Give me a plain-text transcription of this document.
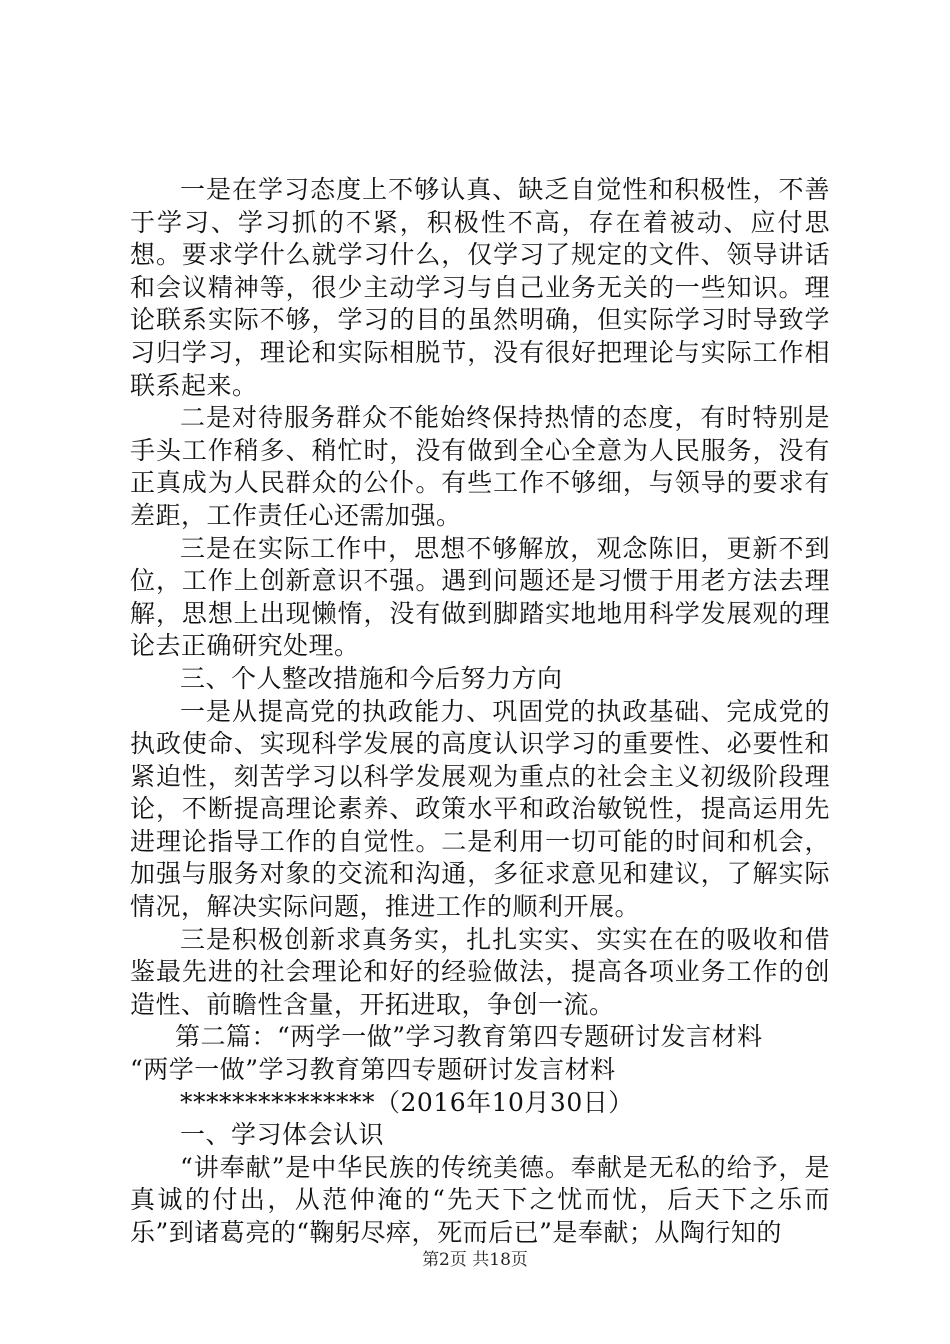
一是在学习态度上不够认真、缺乏自觉性和积极性，不善于学习、学习抓的不紧，积极性不高，存在着被动、应付思想。要求学什么就学习什么，仅学习了规定的文件、领导讲话和会议精神等，很少主动学习与自己业务无关的一些知识。理论联系实际不够，学习的目的虽然明确，但实际学习时导致学习归学习，理论和实际相脱节，没有很好把理论与实际工作相联系起来。

二是对待服务群众不能始终保持热情的态度，有时特别是手头工作稍多、稍忙时，没有做到全心全意为人民服务，没有正真成为人民群众的公仆。有些工作不够细，与领导的要求有差距，工作责任心还需加强。

三是在实际工作中，思想不够解放，观念陈旧，更新不到位，工作上创新意识不强。遇到问题还是习惯于用老方法去理解，思想上出现懒惰，没有做到脚踏实地地用科学发展观的理论去正确研究处理。

三、个人整改措施和今后努力方向

一是从提高党的执政能力、巩固党的执政基础、完成党的执政使命、实现科学发展的高度认识学习的重要性、必要性和紧迫性，刻苦学习以科学发展观为重点的社会主义初级阶段理论，不断提高理论素养、政策水平和政治敏锐性，提高运用先进理论指导工作的自觉性。二是利用一切可能的时间和机会，加强与服务对象的交流和沟通，多征求意见和建议，了解实际情况，解决实际问题，推进工作的顺利开展。

三是积极创新求真务实，扎扎实实、实实在在的吸收和借鉴最先进的社会理论和好的经验做法，提高各项业务工作的创造性、前瞻性含量，开拓进取，争创一流。

第二篇：“两学一做”学习教育第四专题研讨发言材料

“两学一做”学习教育第四专题研讨发言材料

***************（2016年10月30日）

一、学习体会认识

“讲奉献”是中华民族的传统美德。奉献是无私的给予，是真诚的付出，从范仲淹的“先天下之忧而忧，后天下之乐而乐”到诸葛亮的“鞠躬尽瘁，死而后已”是奉献；从陶行知的

第2页 共18页
